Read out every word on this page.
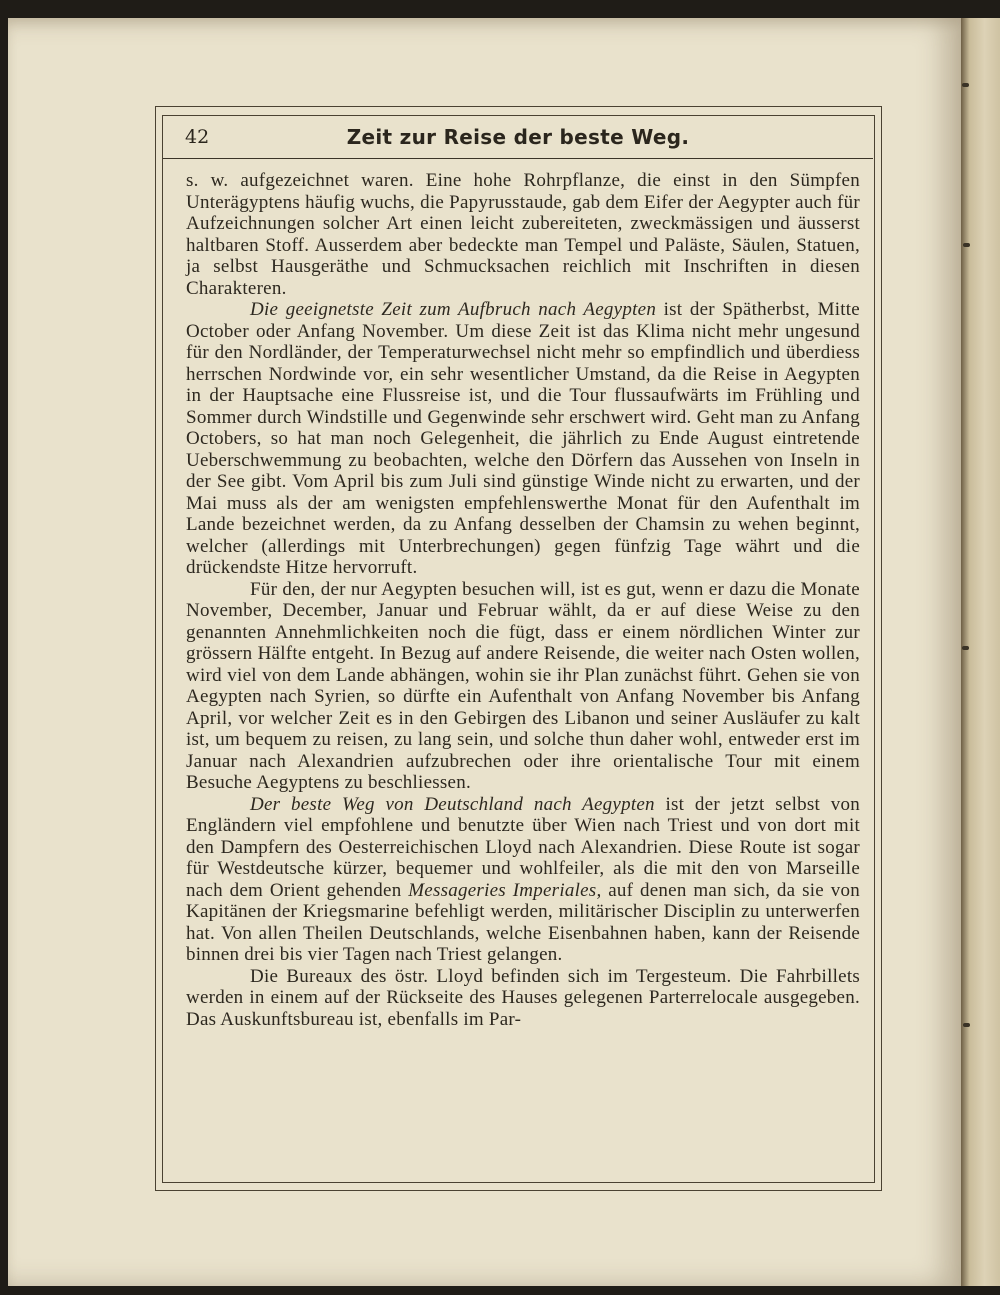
42	Zeit zur Reise der beste Weg.

s. w. aufgezeichnet waren. Eine hohe Rohrpflanze, die einst in den Sümpfen Unterägyptens häufig wuchs, die Papyrusstaude, gab dem Eifer der Aegypter auch für Aufzeichnungen solcher Art einen leicht zubereiteten, zweckmässigen und äusserst haltbaren Stoff. Ausserdem aber bedeckte man Tempel und Paläste, Säulen, Statuen, ja selbst Hausgeräthe und Schmucksachen reichlich mit Inschriften in diesen Charakteren.

Die geeignetste Zeit zum Aufbruch nach Aegypten ist der Spätherbst, Mitte October oder Anfang November. Um diese Zeit ist das Klima nicht mehr ungesund für den Nordländer, der Temperaturwechsel nicht mehr so empfindlich und überdiess herrschen Nordwinde vor, ein sehr wesentlicher Umstand, da die Reise in Aegypten in der Hauptsache eine Flussreise ist, und die Tour flussaufwärts im Frühling und Sommer durch Windstille und Gegenwinde sehr erschwert wird. Geht man zu Anfang Octobers, so hat man noch Gelegenheit, die jährlich zu Ende August eintretende Ueberschwemmung zu beobachten, welche den Dörfern das Aussehen von Inseln in der See gibt. Vom April bis zum Juli sind günstige Winde nicht zu erwarten, und der Mai muss als der am wenigsten empfehlenswerthe Monat für den Aufenthalt im Lande bezeichnet werden, da zu Anfang desselben der Chamsin zu wehen beginnt, welcher (allerdings mit Unterbrechungen) gegen fünfzig Tage währt und die drückendste Hitze hervorruft.

Für den, der nur Aegypten besuchen will, ist es gut, wenn er dazu die Monate November, December, Januar und Februar wählt, da er auf diese Weise zu den genannten Annehmlichkeiten noch die fügt, dass er einem nördlichen Winter zur grössern Hälfte entgeht. In Bezug auf andere Reisende, die weiter nach Osten wollen, wird viel von dem Lande abhängen, wohin sie ihr Plan zunächst führt. Gehen sie von Aegypten nach Syrien, so dürfte ein Aufenthalt von Anfang November bis Anfang April, vor welcher Zeit es in den Gebirgen des Libanon und seiner Ausläufer zu kalt ist, um bequem zu reisen, zu lang sein, und solche thun daher wohl, entweder erst im Januar nach Alexandrien aufzubrechen oder ihre orientalische Tour mit einem Besuche Aegyptens zu beschliessen.

Der beste Weg von Deutschland nach Aegypten ist der jetzt selbst von Engländern viel empfohlene und benutzte über Wien nach Triest und von dort mit den Dampfern des Oesterreichischen Lloyd nach Alexandrien. Diese Route ist sogar für Westdeutsche kürzer, bequemer und wohlfeiler, als die mit den von Marseille nach dem Orient gehenden Messageries Imperiales, auf denen man sich, da sie von Kapitänen der Kriegsmarine befehligt werden, militärischer Disciplin zu unterwerfen hat. Von allen Theilen Deutschlands, welche Eisenbahnen haben, kann der Reisende binnen drei bis vier Tagen nach Triest gelangen.

Die Bureaux des östr. Lloyd befinden sich im Tergesteum. Die Fahrbillets werden in einem auf der Rückseite des Hauses gelegenen Parterrelocale ausgegeben. Das Auskunftsbureau ist, ebenfalls im Par-
